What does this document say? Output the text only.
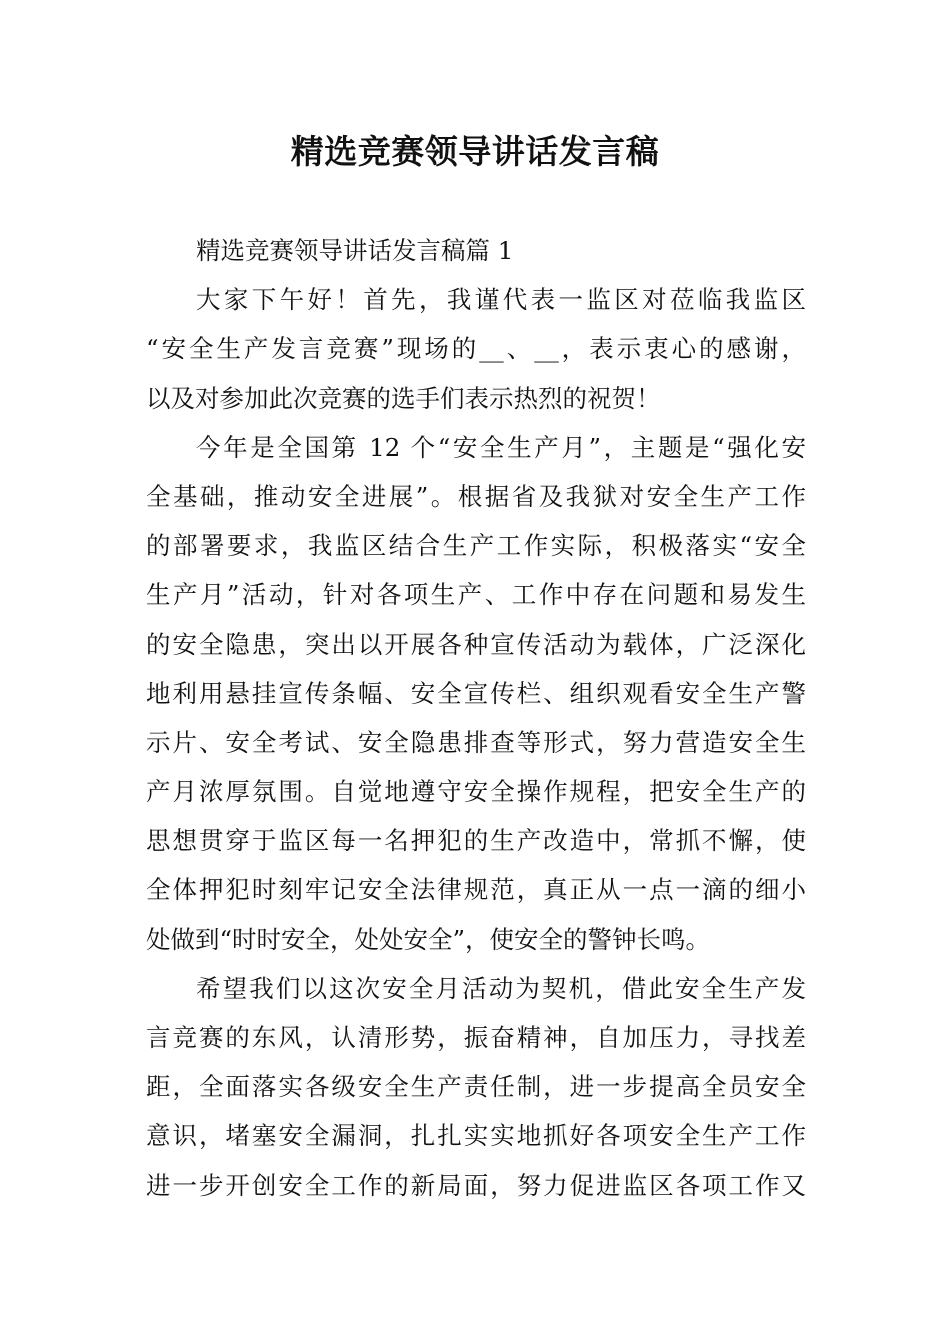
精选竞赛领导讲话发言稿

精选竞赛领导讲话发言稿篇 1

大家下午好！首先，我谨代表一监区对莅临我监区
“安全生产发言竞赛”现场的__、__，表示衷心的感谢，
以及对参加此次竞赛的选手们表示热烈的祝贺！

今年是全国第 12 个“安全生产月”，主题是“强化安
全基础，推动安全进展”。根据省及我狱对安全生产工作
的部署要求，我监区结合生产工作实际，积极落实“安全
生产月”活动，针对各项生产、工作中存在问题和易发生
的安全隐患，突出以开展各种宣传活动为载体，广泛深化
地利用悬挂宣传条幅、安全宣传栏、组织观看安全生产警
示片、安全考试、安全隐患排查等形式，努力营造安全生
产月浓厚氛围。自觉地遵守安全操作规程，把安全生产的
思想贯穿于监区每一名押犯的生产改造中，常抓不懈，使
全体押犯时刻牢记安全法律规范，真正从一点一滴的细小
处做到“时时安全，处处安全”，使安全的警钟长鸣。

希望我们以这次安全月活动为契机，借此安全生产发
言竞赛的东风，认清形势，振奋精神，自加压力，寻找差
距，全面落实各级安全生产责任制，进一步提高全员安全
意识，堵塞安全漏洞，扎扎实实地抓好各项安全生产工作
进一步开创安全工作的新局面，努力促进监区各项工作又
